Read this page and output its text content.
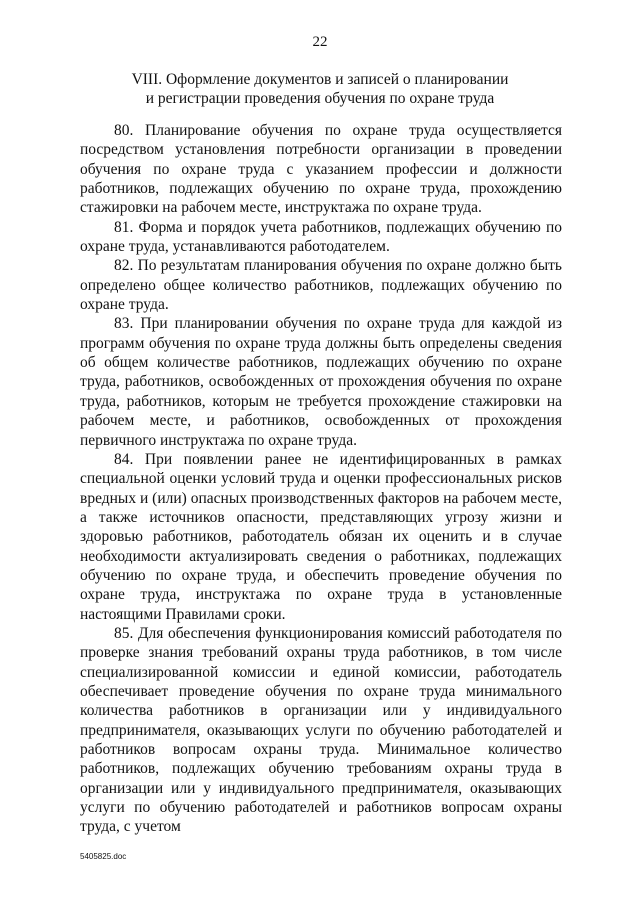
22
VIII. Оформление документов и записей о планировании
и регистрации проведения обучения по охране труда

80. Планирование обучения по охране труда осуществляется посредством установления потребности организации в проведении обучения по охране труда с указанием профессии и должности работников, подлежащих обучению по охране труда, прохождению стажировки на рабочем месте, инструктажа по охране труда.

81. Форма и порядок учета работников, подлежащих обучению по охране труда, устанавливаются работодателем.

82. По результатам планирования обучения по охране должно быть определено общее количество работников, подлежащих обучению по охране труда.

83. При планировании обучения по охране труда для каждой из программ обучения по охране труда должны быть определены сведения об общем количестве работников, подлежащих обучению по охране труда, работников, освобожденных от прохождения обучения по охране труда, работников, которым не требуется прохождение стажировки на рабочем месте, и работников, освобожденных от прохождения первичного инструктажа по охране труда.

84. При появлении ранее не идентифицированных в рамках специальной оценки условий труда и оценки профессиональных рисков вредных и (или) опасных производственных факторов на рабочем месте, а также источников опасности, представляющих угрозу жизни и здоровью работников, работодатель обязан их оценить и в случае необходимости актуализировать сведения о работниках, подлежащих обучению по охране труда, и обеспечить проведение обучения по охране труда, инструктажа по охране труда в установленные настоящими Правилами сроки.

85. Для обеспечения функционирования комиссий работодателя по проверке знания требований охраны труда работников, в том числе специализированной комиссии и единой комиссии, работодатель обеспечивает проведение обучения по охране труда минимального количества работников в организации или у индивидуального предпринимателя, оказывающих услуги по обучению работодателей и работников вопросам охраны труда. Минимальное количество работников, подлежащих обучению требованиям охраны труда в организации или у индивидуального предпринимателя, оказывающих услуги по обучению работодателей и работников вопросам охраны труда, с учетом

5405825.doc
